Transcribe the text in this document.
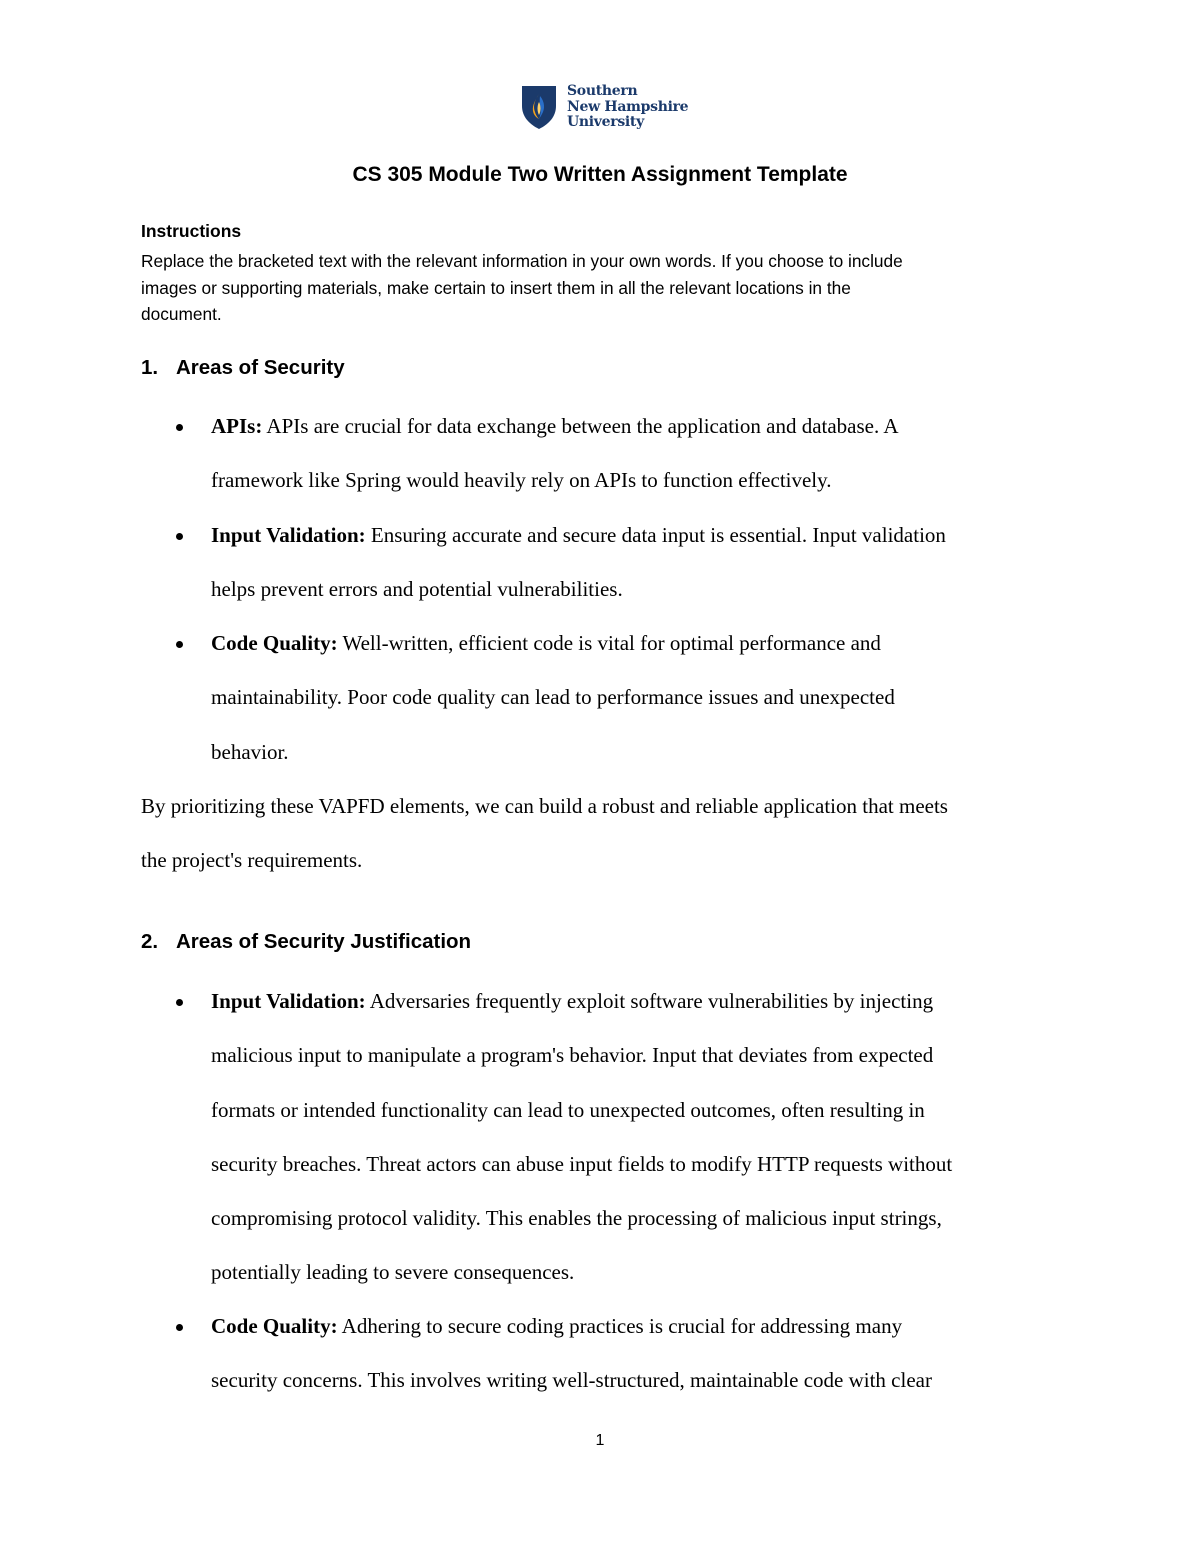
Southern
New Hampshire
University
CS 305 Module Two Written Assignment Template
Instructions
Replace the bracketed text with the relevant information in your own words. If you choose to include
images or supporting materials, make certain to insert them in all the relevant locations in the
document.
1. Areas of Security
APIs: APIs are crucial for data exchange between the application and database. A
framework like Spring would heavily rely on APIs to function effectively.
Input Validation: Ensuring accurate and secure data input is essential. Input validation
helps prevent errors and potential vulnerabilities.
Code Quality: Well-written, efficient code is vital for optimal performance and
maintainability. Poor code quality can lead to performance issues and unexpected
behavior.
By prioritizing these VAPFD elements, we can build a robust and reliable application that meets
the project's requirements.
2. Areas of Security Justification
Input Validation: Adversaries frequently exploit software vulnerabilities by injecting
malicious input to manipulate a program's behavior. Input that deviates from expected
formats or intended functionality can lead to unexpected outcomes, often resulting in
security breaches. Threat actors can abuse input fields to modify HTTP requests without
compromising protocol validity. This enables the processing of malicious input strings,
potentially leading to severe consequences.
Code Quality: Adhering to secure coding practices is crucial for addressing many
security concerns. This involves writing well-structured, maintainable code with clear
1
